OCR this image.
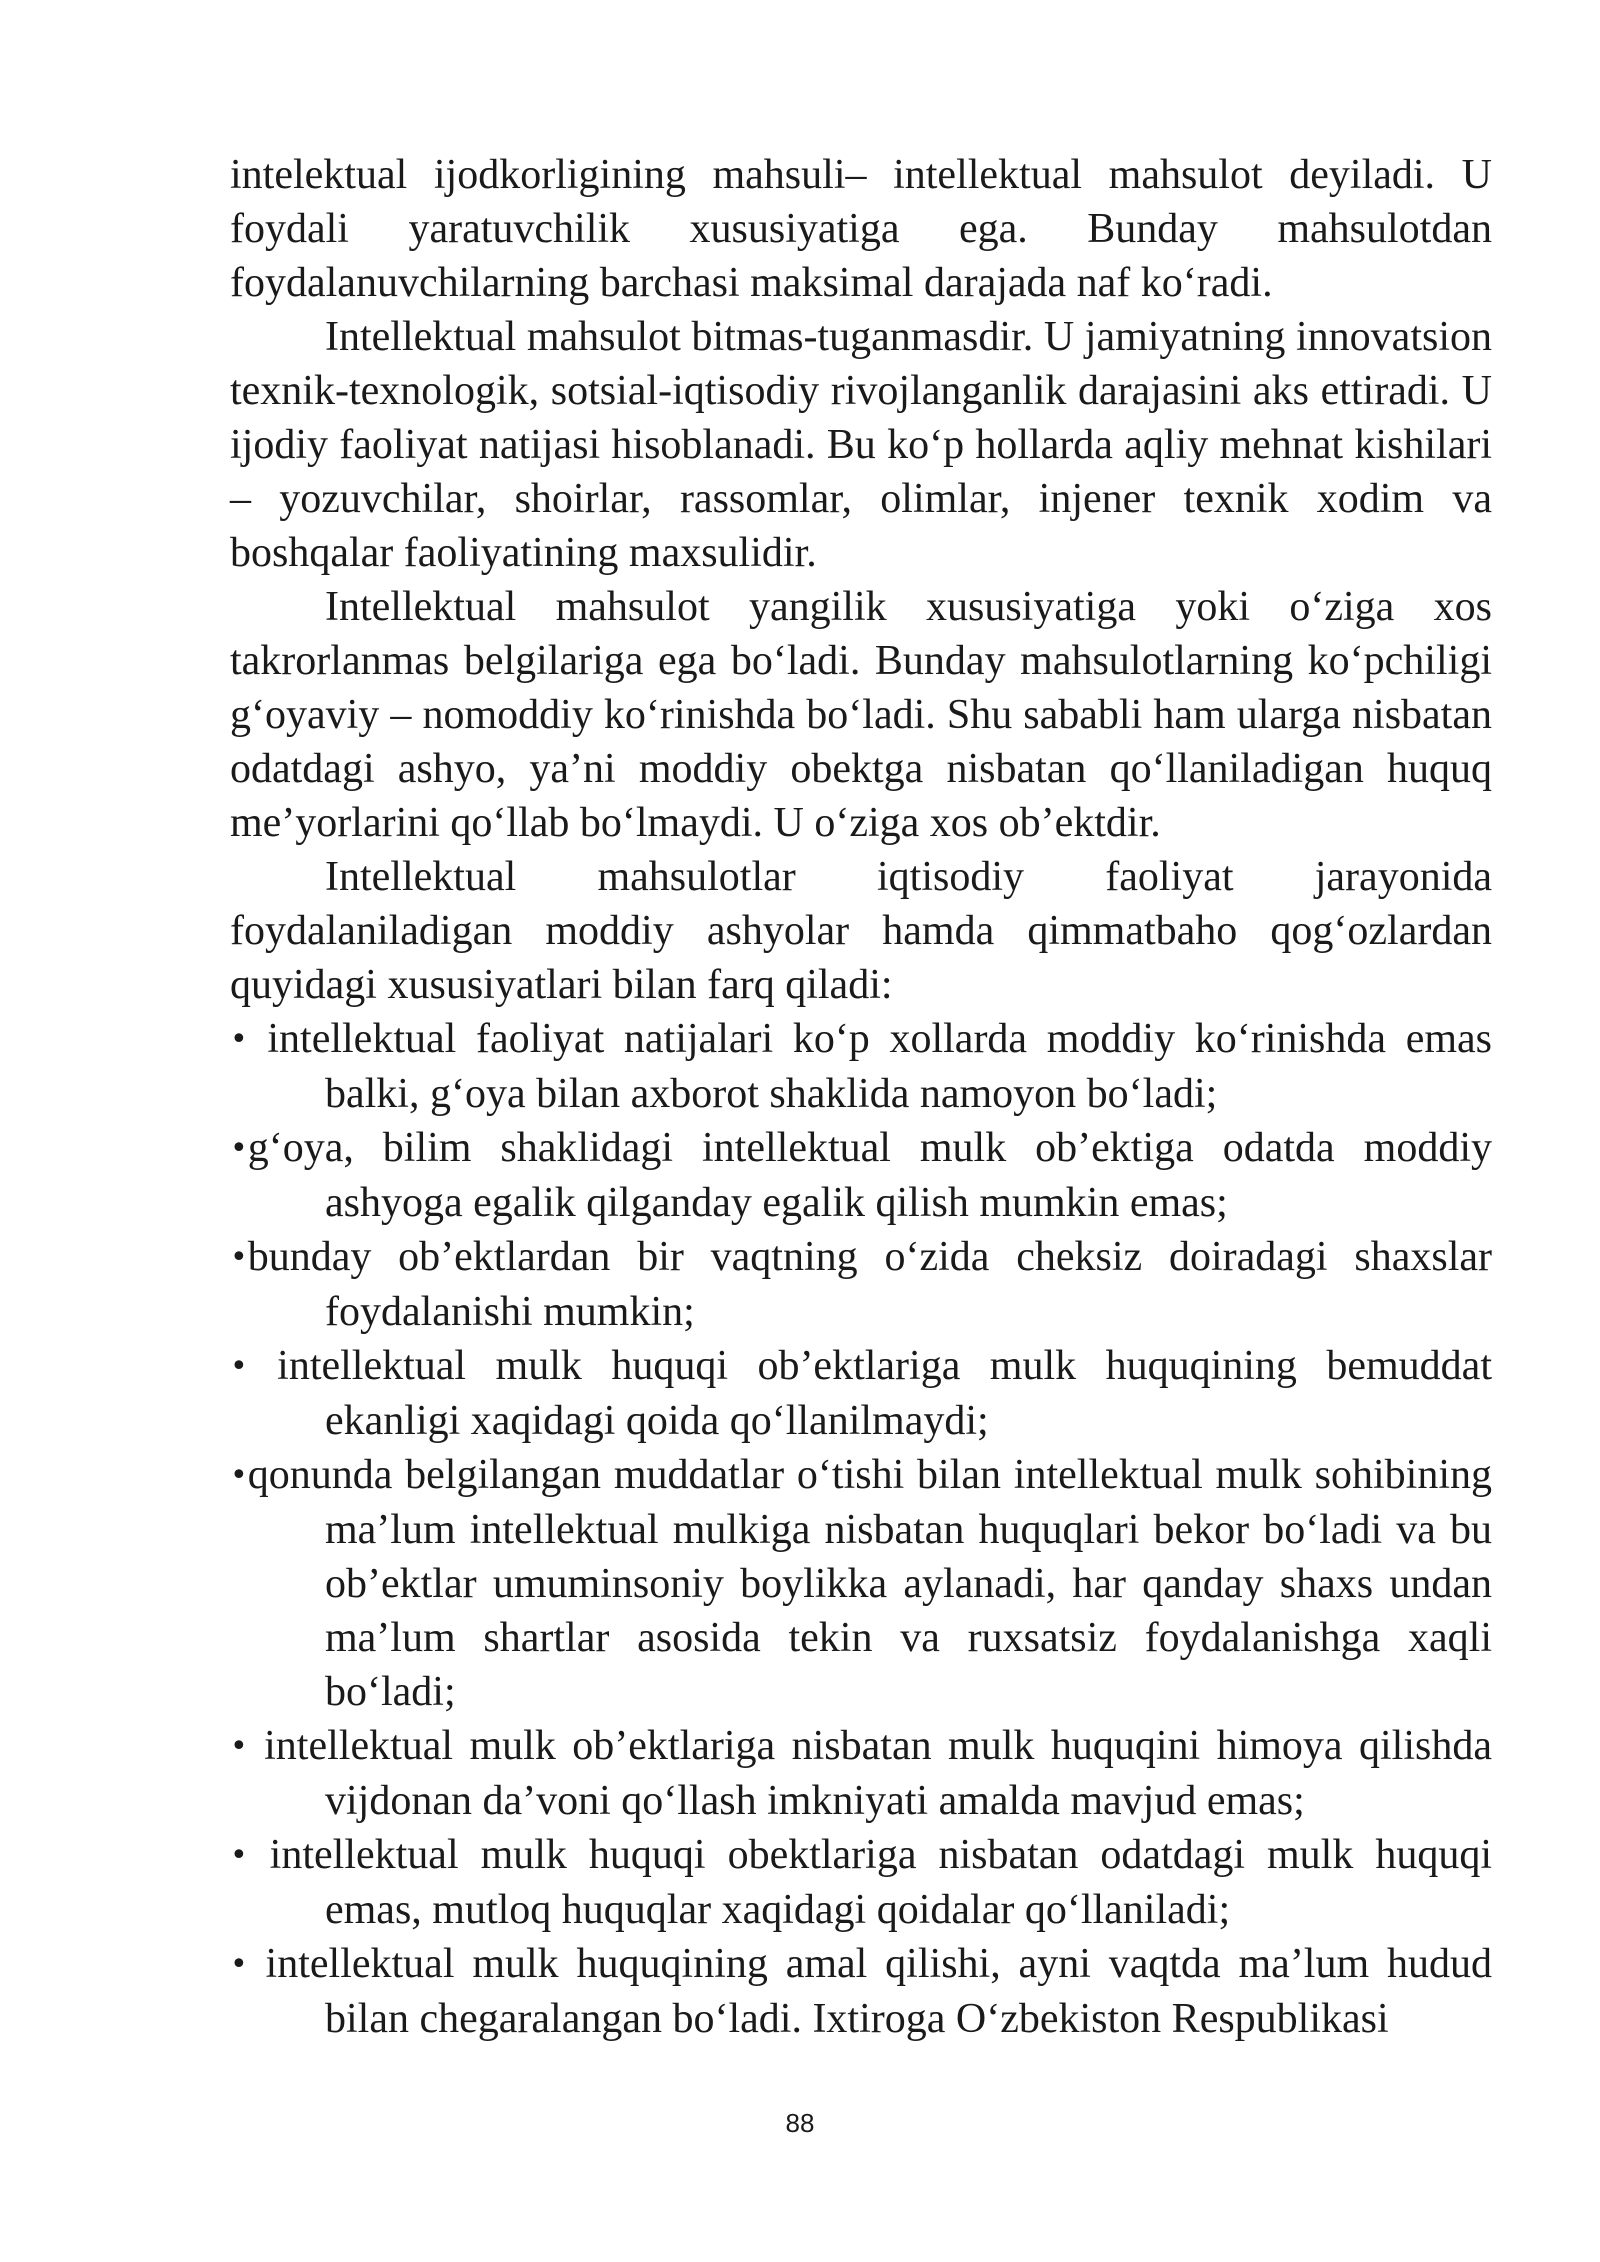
intelektual ijodkorligining mahsuli– intellektual mahsulot deyiladi. U foydali yaratuvchilik xususiyatiga ega. Bunday mahsulotdan foydalanuvchilarning barchasi maksimal darajada naf ko‘radi.

Intellektual mahsulot bitmas-tuganmasdir. U jamiyatning innovatsion texnik-texnologik, sotsial-iqtisodiy rivojlanganlik darajasini aks ettiradi. U ijodiy faoliyat natijasi hisoblanadi. Bu ko‘p hollarda aqliy mehnat kishilari – yozuvchilar, shoirlar, rassomlar, olimlar, injener texnik xodim va boshqalar faoliyatining maxsulidir.

Intellektual mahsulot yangilik xususiyatiga yoki o‘ziga xos takrorlanmas belgilariga ega bo‘ladi. Bunday mahsulotlarning ko‘pchiligi g‘oyaviy – nomoddiy ko‘rinishda bo‘ladi. Shu sababli ham ularga nisbatan odatdagi ashyo, ya’ni moddiy obektga nisbatan qo‘llaniladigan huquq me’yorlarini qo‘llab bo‘lmaydi. U o‘ziga xos ob’ektdir.

Intellektual mahsulotlar iqtisodiy faoliyat jarayonida foydalaniladigan moddiy ashyolar hamda qimmatbaho qog‘ozlardan quyidagi xususiyatlari bilan farq qiladi:

• intellektual faoliyat natijalari ko‘p xollarda moddiy ko‘rinishda emas balki, g‘oya bilan axborot shaklida namoyon bo‘ladi;
•g‘oya, bilim shaklidagi intellektual mulk ob’ektiga odatda moddiy ashyoga egalik qilganday egalik qilish mumkin emas;
•bunday ob’ektlardan bir vaqtning o‘zida cheksiz doiradagi shaxslar foydalanishi mumkin;
• intellektual mulk huquqi ob’ektlariga mulk huquqining bemuddat ekanligi xaqidagi qoida qo‘llanilmaydi;
•qonunda belgilangan muddatlar o‘tishi bilan intellektual mulk sohibining ma’lum intellektual mulkiga nisbatan huquqlari bekor bo‘ladi va bu ob’ektlar umuminsoniy boylikka aylanadi, har qanday shaxs undan ma’lum shartlar asosida tekin va ruxsatsiz foydalanishga xaqli bo‘ladi;
• intellektual mulk ob’ektlariga nisbatan mulk huquqini himoya qilishda vijdonan da’voni qo‘llash imkniyati amalda mavjud emas;
• intellektual mulk huquqi obektlariga nisbatan odatdagi mulk huquqi emas, mutloq huquqlar xaqidagi qoidalar qo‘llaniladi;
• intellektual mulk huquqining amal qilishi, ayni vaqtda ma’lum hudud bilan chegaralangan bo‘ladi. Ixtiroga O‘zbekiston Respublikasi
88
